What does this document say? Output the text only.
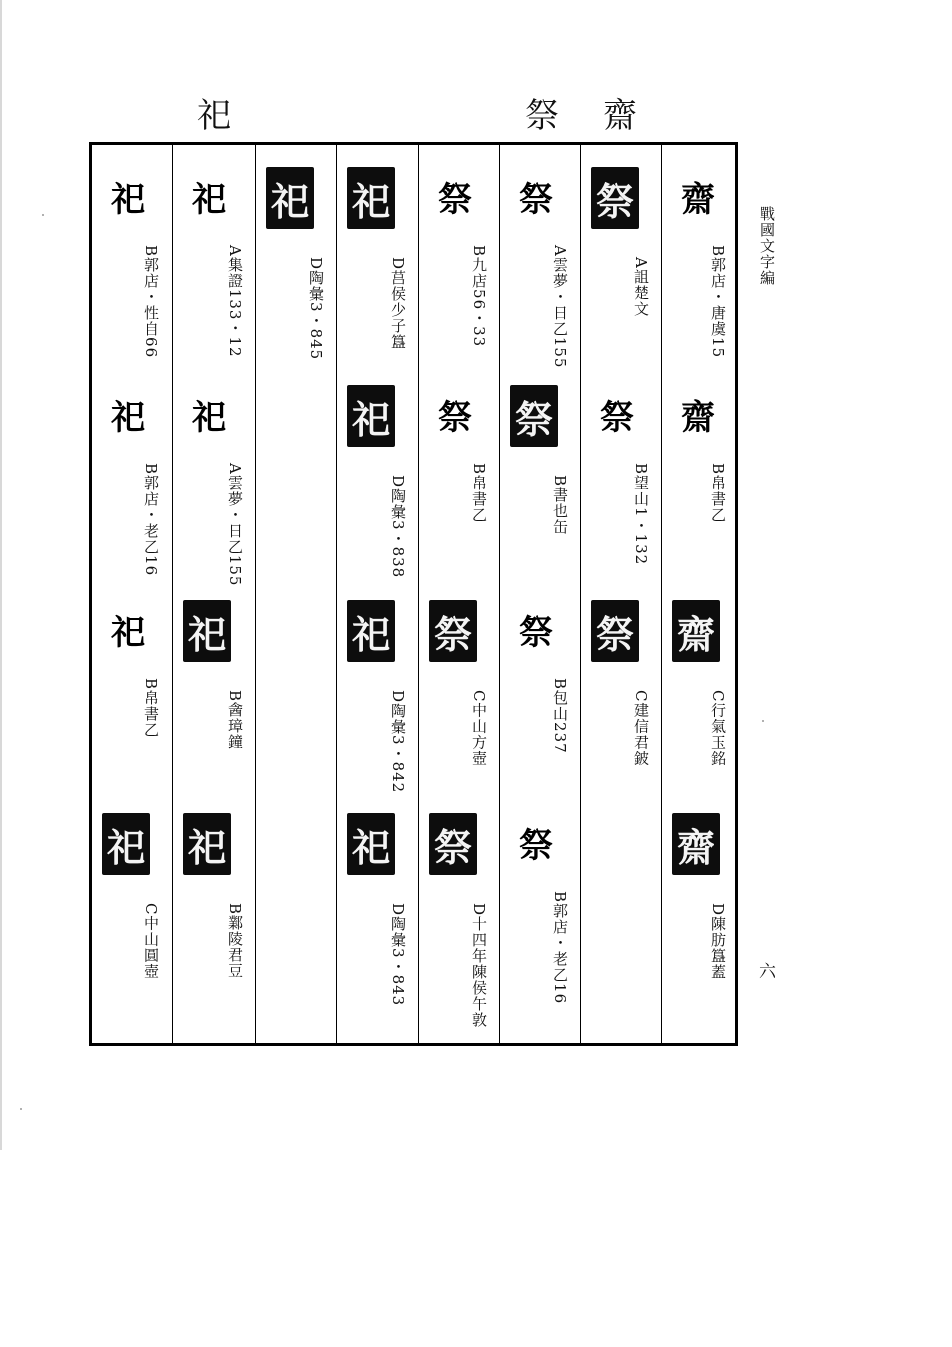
祀	祭 齋
戰國文字編
六
祀
B郭店・性自66
祀
B郭店・老乙16
祀
B帛書乙
祀
C中山圓壺
祀
A集證133・12
祀
A雲夢・日乙155
祀
B酓璋鐘
祀
B鄴陵君豆
祀
D陶彙3・845
祀
D莒侯少子簋
祀
D陶彙3・838
祀
D陶彙3・842
祀
D陶彙3・843
祭
B九店56・33
祭
B帛書乙
祭
C中山方壺
祭
D十四年陳侯午敦
祭
A雲夢・日乙155
祭
B書也缶
祭
B包山237
祭
B郭店・老乙16
祭
A詛楚文
祭
B望山1・132
祭
C建信君鈹
齋
B郭店・唐虞15
齋
B帛書乙
齋
C行氣玉銘
齋
D陳肪簋蓋
